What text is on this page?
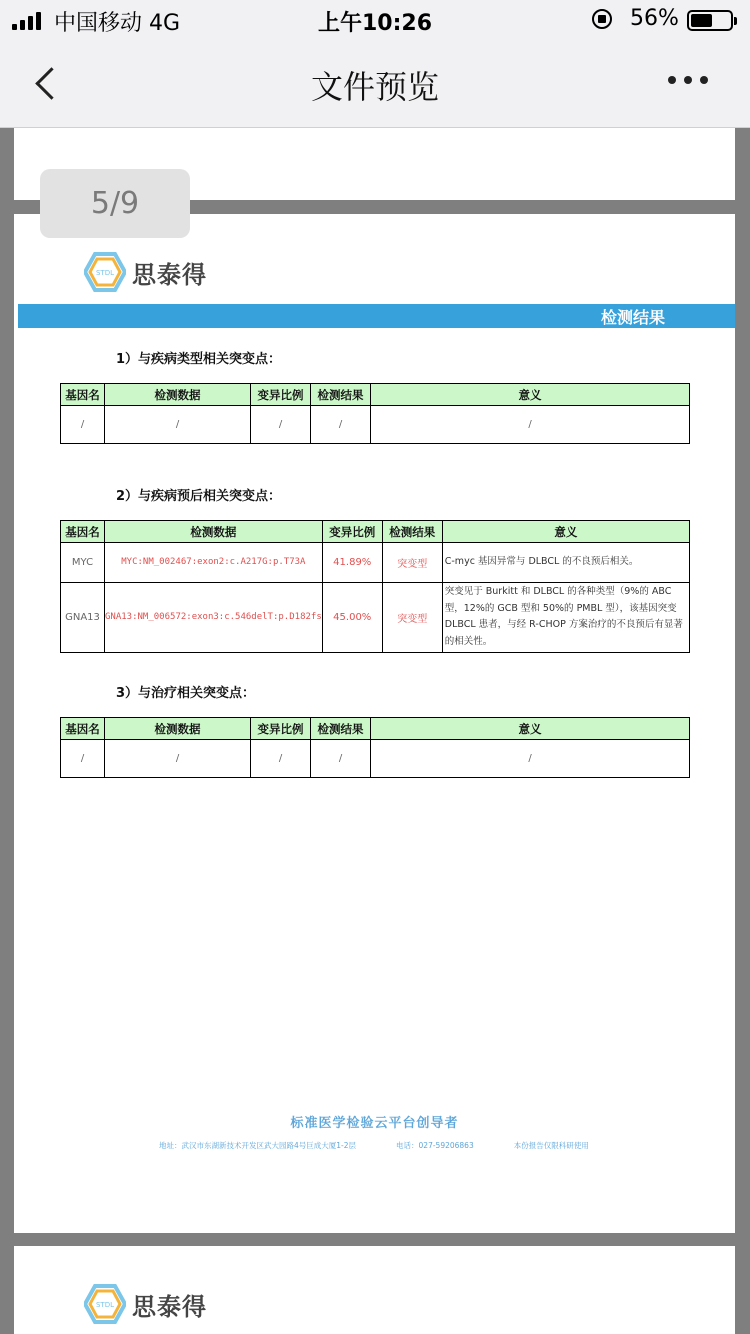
中国移动 4G	上午10:26	56%
文件预览
5/9
STDL 思泰得
检测结果
1）与疾病类型相关突变点：
基因名	检测数据	变异比例	检测结果	意义
/	/	/	/	/
2）与疾病预后相关突变点：
基因名	检测数据	变异比例	检测结果	意义
MYC	MYC:NM_002467:exon2:c.A217G:p.T73A	41.89%	突变型	C-myc 基因异常与 DLBCL 的不良预后相关。
GNA13	GNA13:NM_006572:exon3:c.546delT:p.D182fs	45.00%	突变型	突变见于 Burkitt 和 DLBCL 的各种类型（9%的 ABC 型，12%的 GCB 型和 50%的 PMBL 型），该基因突变 DLBCL 患者，与经 R-CHOP 方案治疗的不良预后有显著的相关性。
3）与治疗相关突变点：
基因名	检测数据	变异比例	检测结果	意义
/	/	/	/	/
标准医学检验云平台创导者
地址：武汉市东湖新技术开发区武大园路4号巨成大厦1-2层	电话：027-59206863	本份报告仅限科研使用
STDL 思泰得
